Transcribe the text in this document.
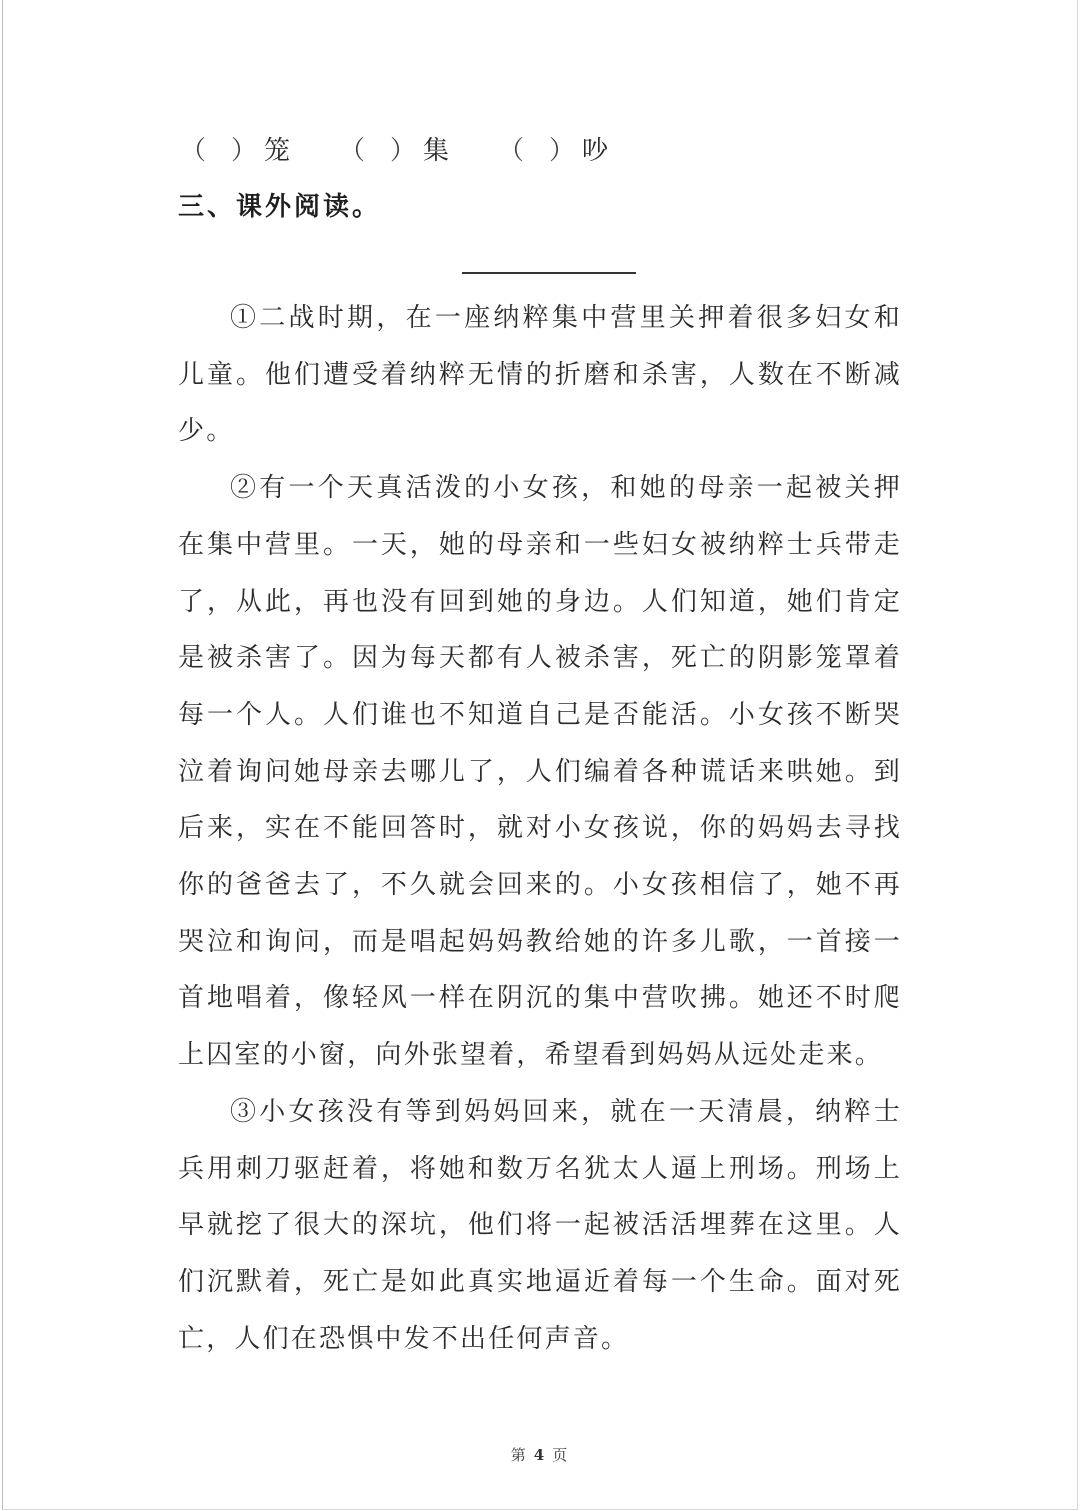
（ ） 笼 （ ） 集 （ ） 吵
三、课外阅读。

①二战时期，在一座纳粹集中营里关押着很多妇女和儿童。他们遭受着纳粹无情的折磨和杀害，人数在不断减少。

②有一个天真活泼的小女孩，和她的母亲一起被关押在集中营里。一天，她的母亲和一些妇女被纳粹士兵带走了，从此，再也没有回到她的身边。人们知道，她们肯定是被杀害了。因为每天都有人被杀害，死亡的阴影笼罩着每一个人。人们谁也不知道自己是否能活。小女孩不断哭泣着询问她母亲去哪儿了，人们编着各种谎话来哄她。到后来，实在不能回答时，就对小女孩说，你的妈妈去寻找你的爸爸去了，不久就会回来的。小女孩相信了，她不再哭泣和询问，而是唱起妈妈教给她的许多儿歌，一首接一首地唱着，像轻风一样在阴沉的集中营吹拂。她还不时爬上囚室的小窗，向外张望着，希望看到妈妈从远处走来。

③小女孩没有等到妈妈回来，就在一天清晨，纳粹士兵用刺刀驱赶着，将她和数万名犹太人逼上刑场。刑场上早就挖了很大的深坑，他们将一起被活活埋葬在这里。人们沉默着，死亡是如此真实地逼近着每一个生命。面对死亡，人们在恐惧中发不出任何声音。

第 4 页
